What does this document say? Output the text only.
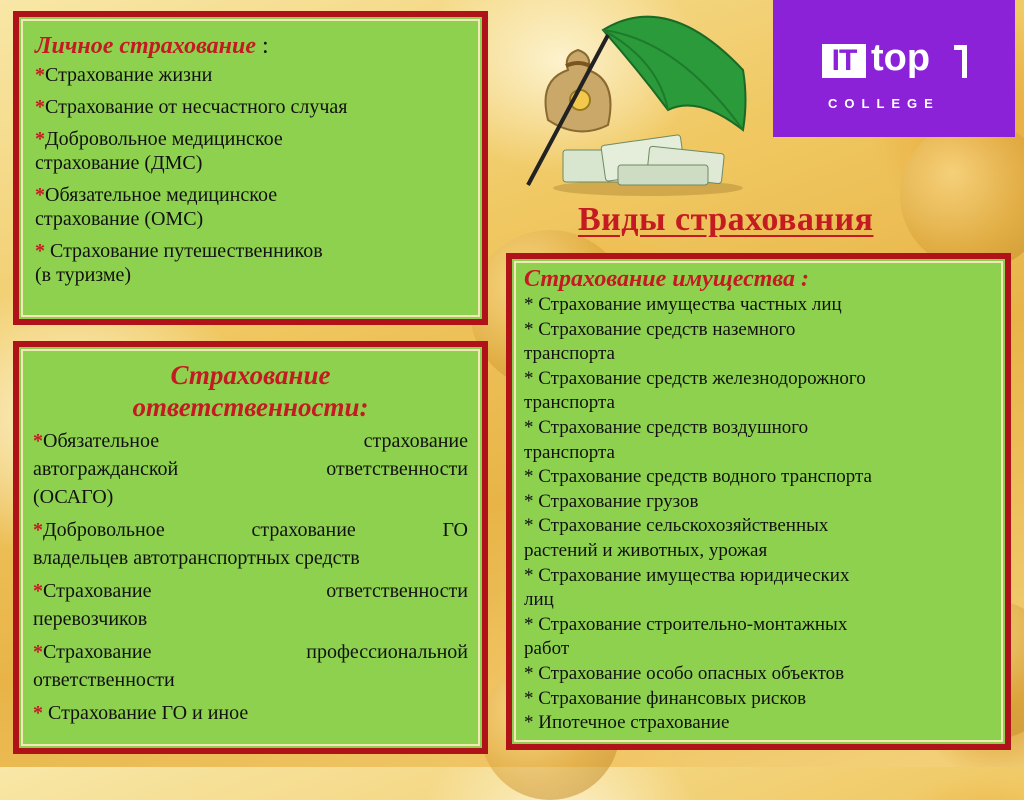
IT top
COLLEGE
Виды страхования
Личное страхование :
*Страхование жизни
*Страхование от несчастного случая
*Добровольное медицинское
страхование (ДМС)
*Обязательное медицинское
страхование (ОМС)
* Страхование путешественников
(в туризме)
Страхование
ответственности:
*Обязательное страхование
автогражданской ответственности
(ОСАГО)
*Добровольное страхование ГО
владельцев автотранспортных средств
*Страхование ответственности
перевозчиков
*Страхование профессиональной
ответственности
* Страхование ГО и иное
Страхование имущества :
* Страхование имущества частных лиц
* Страхование средств наземного
транспорта
* Страхование средств железнодорожного
транспорта
* Страхование средств воздушного
транспорта
* Страхование средств водного транспорта
* Страхование грузов
* Страхование сельскохозяйственных
растений и животных, урожая
* Страхование имущества юридических
лиц
* Страхование строительно-монтажных
работ
* Страхование особо опасных объектов
* Страхование финансовых рисков
* Ипотечное страхование
